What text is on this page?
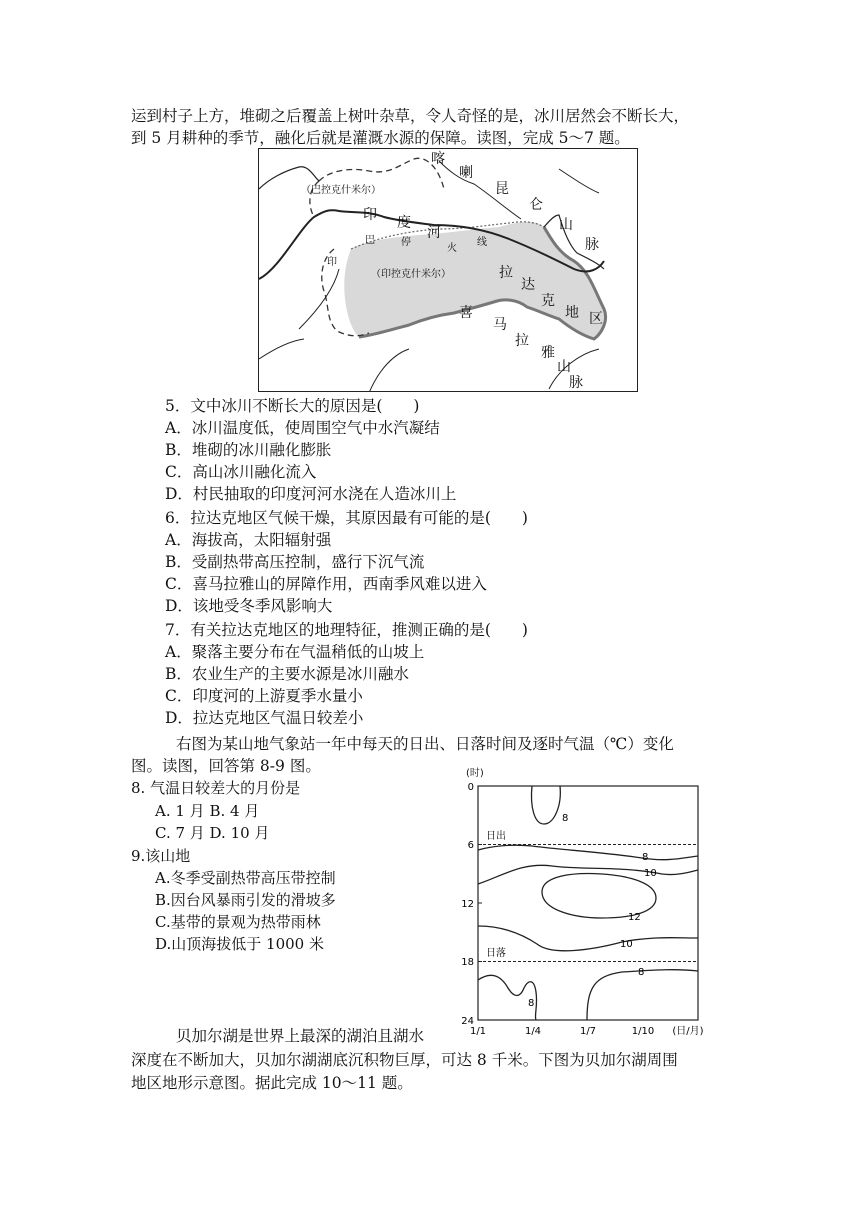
运到村子上方，堆砌之后覆盖上树叶杂草，令人奇怪的是，冰川居然会不断长大，
到 5 月耕种的季节，融化后就是灌溉水源的保障。读图，完成 5～7 题。
喀
喇
昆
仑
山
脉
（巴控克什米尔）
印 度
河
巴	停
火
线
印
（印控克什米尔）	拉
达
克
地 区
喜
马
拉
雅
山
脉
5．文中冰川不断长大的原因是(　　)
A．冰川温度低，使周围空气中水汽凝结
B．堆砌的冰川融化膨胀
C．高山冰川融化流入
D．村民抽取的印度河河水浇在人造冰川上
6．拉达克地区气候干燥，其原因最有可能的是(　　)
A．海拔高，太阳辐射强
B．受副热带高压控制，盛行下沉气流
C．喜马拉雅山的屏障作用，西南季风难以进入
D．该地受冬季风影响大
7．有关拉达克地区的地理特征，推测正确的是(　　)
A．聚落主要分布在气温稍低的山坡上
B．农业生产的主要水源是冰川融水
C．印度河的上游夏季水量小
D．拉达克地区气温日较差小
右图为某山地气象站一年中每天的日出、日落时间及逐时气温（℃）变化
图。读图，回答第 8-9 图。
8. 气温日较差大的月份是
A. 1 月 B. 4 月
C. 7 月 D. 10 月
9.该山地
A.冬季受副热带高压带控制
B.因台风暴雨引发的滑坡多
C.基带的景观为热带雨林
D.山顶海拔低于 1000 米
(时)
0
6
12
18
24
1/1	1/4	1/7	1/10 (日/月)
日出
日落
8
8
10
12
10
8
8
贝加尔湖是世界上最深的湖泊且湖水
深度在不断加大，贝加尔湖湖底沉积物巨厚，可达 8 千米。下图为贝加尔湖周围
地区地形示意图。据此完成 10～11 题。
